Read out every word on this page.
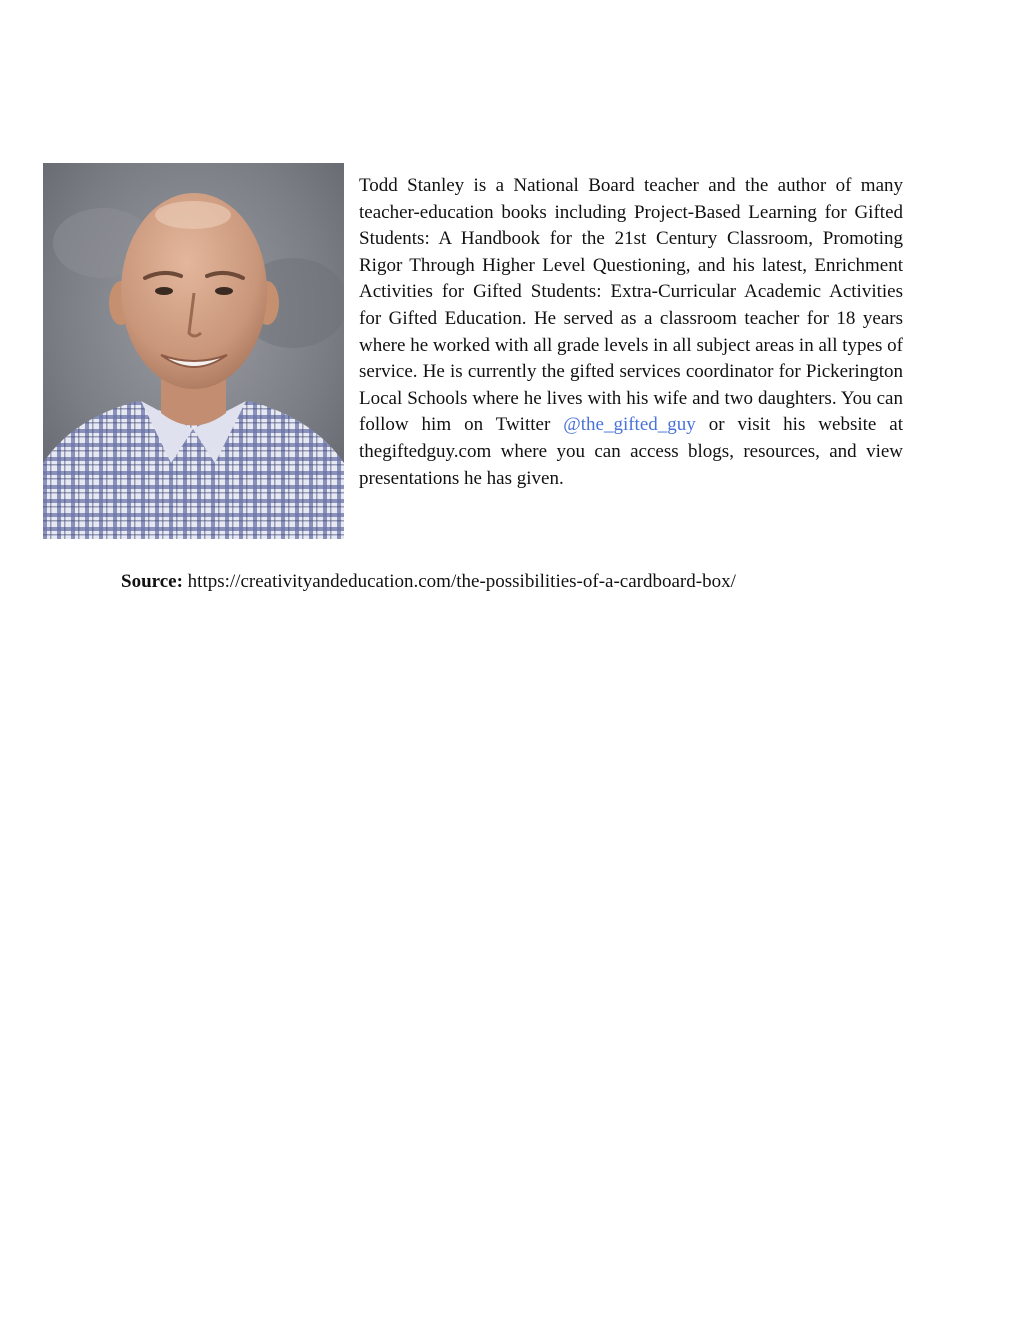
Todd Stanley is a National Board teacher and the author of many teacher-education books including Project-Based Learning for Gifted Students: A Handbook for the 21st Century Classroom, Promoting Rigor Through Higher Level Questioning, and his latest, Enrichment Activities for Gifted Students: Extra-Curricular Academic Activities for Gifted Education. He served as a classroom teacher for 18 years where he worked with all grade levels in all subject areas in all types of service. He is currently the gifted services coordinator for Pickerington Local Schools where he lives with his wife and two daughters. You can follow him on Twitter @the_gifted_guy or visit his website at thegiftedguy.com where you can access blogs, resources, and view presentations he has given.

Source: https://creativityandeducation.com/the-possibilities-of-a-cardboard-box/
